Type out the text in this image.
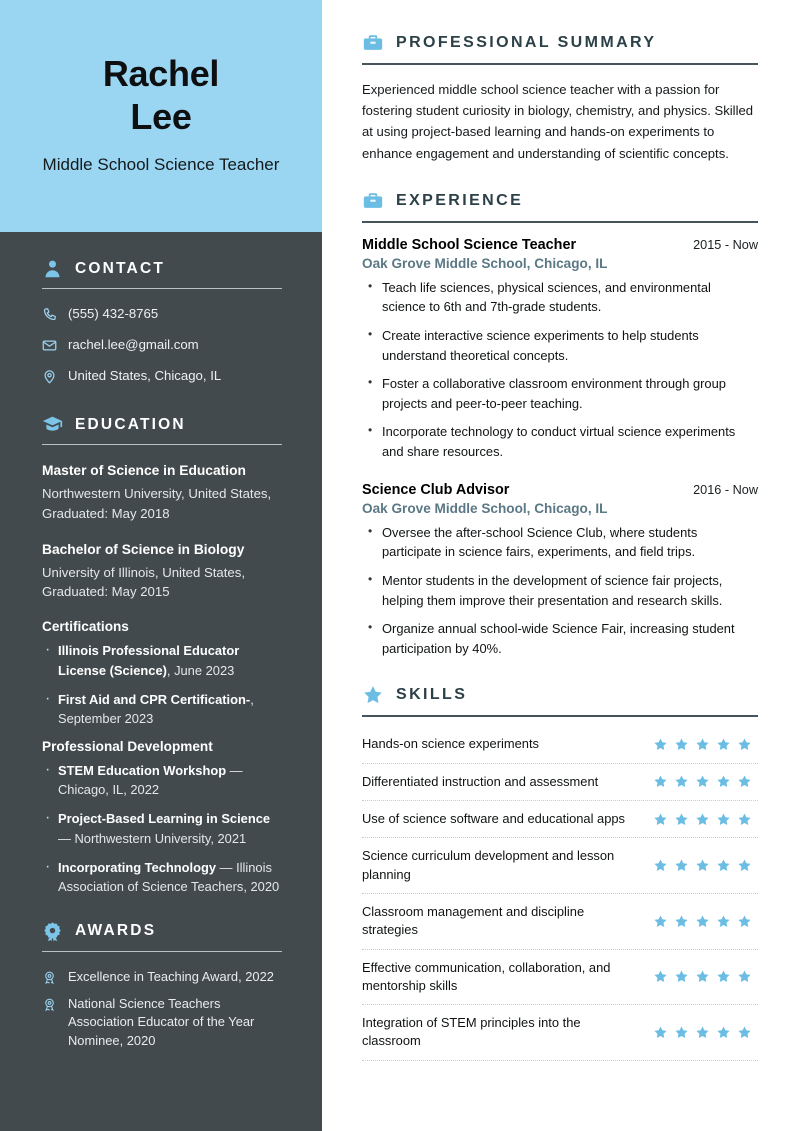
Rachel
Lee
Middle School Science Teacher
CONTACT
(555) 432-8765
rachel.lee@gmail.com
United States, Chicago, IL
EDUCATION
Master of Science in Education
Northwestern University, United States, Graduated: May 2018
Bachelor of Science in Biology
University of Illinois, United States, Graduated: May 2015
Certifications
· Illinois Professional Educator License (Science), June 2023
· First Aid and CPR Certification-, September 2023
Professional Development
· STEM Education Workshop — Chicago, IL, 2022
· Project-Based Learning in Science — Northwestern University, 2021
· Incorporating Technology — Illinois Association of Science Teachers, 2020
AWARDS
Excellence in Teaching Award, 2022
National Science Teachers Association Educator of the Year Nominee, 2020
PROFESSIONAL SUMMARY

Experienced middle school science teacher with a passion for fostering student curiosity in biology, chemistry, and physics. Skilled at using project-based learning and hands-on experiments to enhance engagement and understanding of scientific concepts.

EXPERIENCE
Middle School Science Teacher	2015 - Now
Oak Grove Middle School, Chicago, IL
• Teach life sciences, physical sciences, and environmental science to 6th and 7th-grade students.
• Create interactive science experiments to help students understand theoretical concepts.
• Foster a collaborative classroom environment through group projects and peer-to-peer teaching.
• Incorporate technology to conduct virtual science experiments and share resources.
Science Club Advisor	2016 - Now
Oak Grove Middle School, Chicago, IL
• Oversee the after-school Science Club, where students participate in science fairs, experiments, and field trips.
• Mentor students in the development of science fair projects, helping them improve their presentation and research skills.
• Organize annual school-wide Science Fair, increasing student participation by 40%.
SKILLS
Hands-on science experiments
Differentiated instruction and assessment
Use of science software and educational apps
Science curriculum development and lesson planning
Classroom management and discipline strategies
Effective communication, collaboration, and mentorship skills
Integration of STEM principles into the classroom
